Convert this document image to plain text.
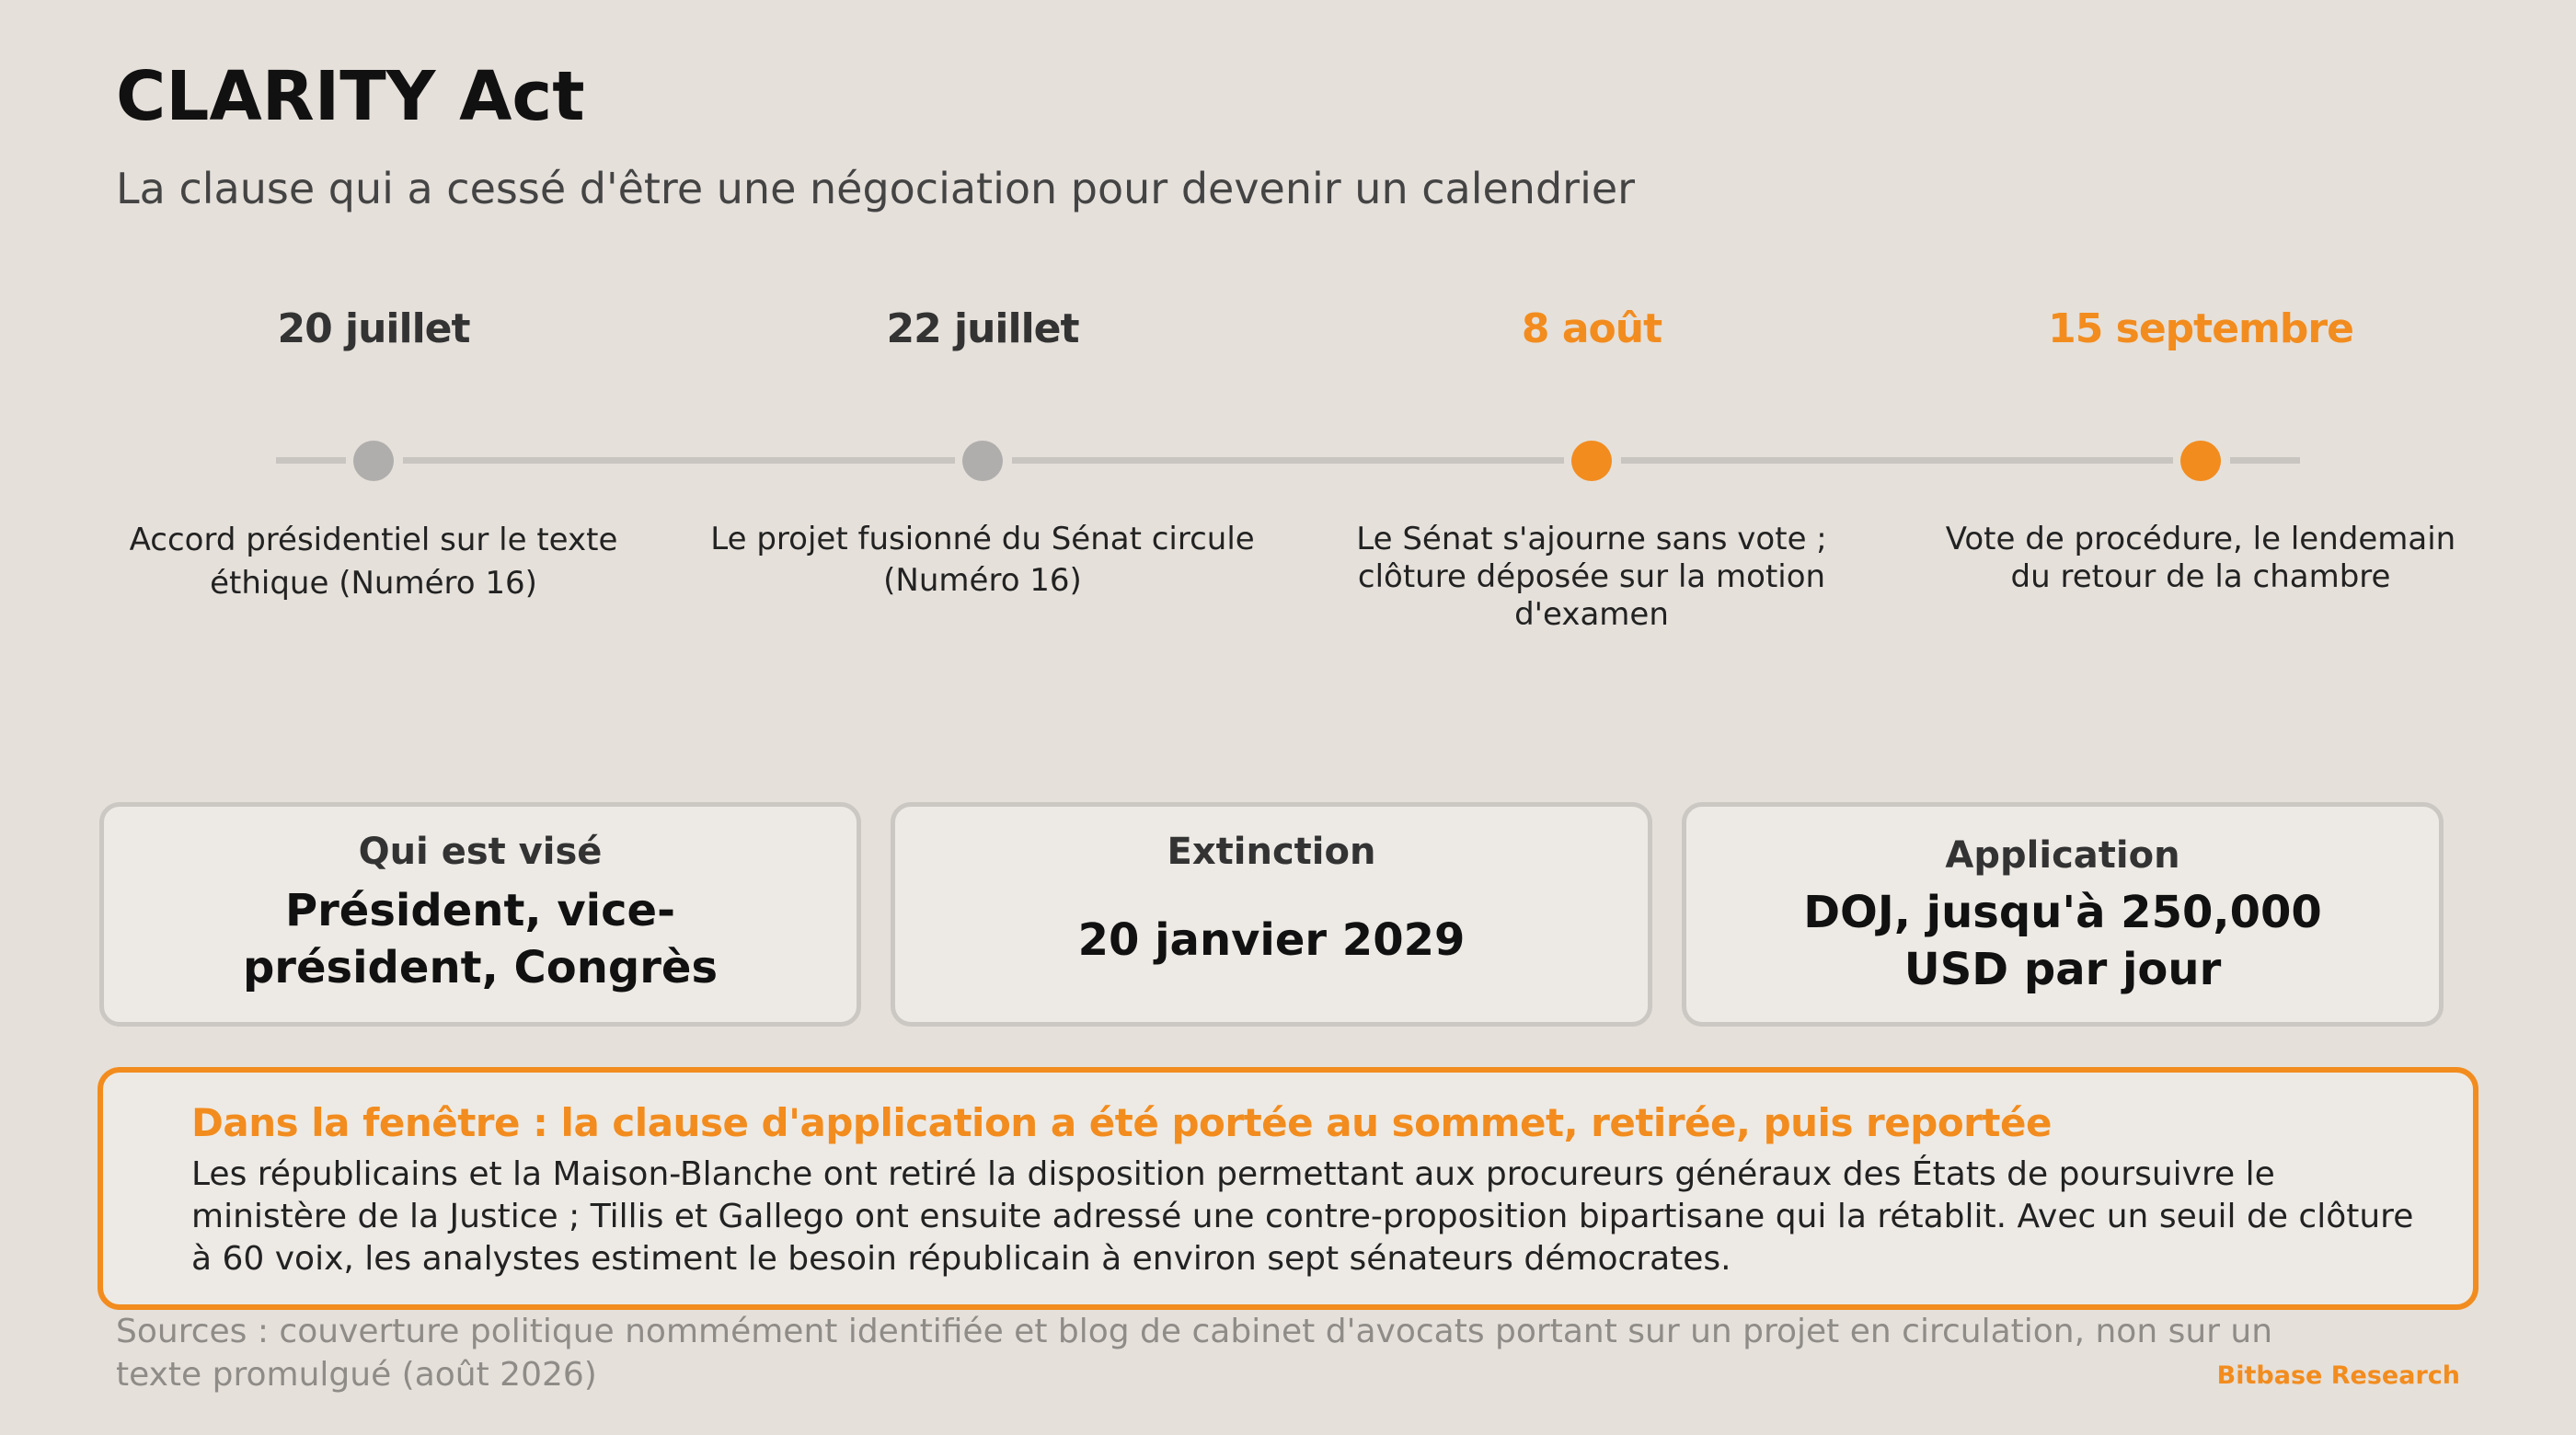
CLARITY Act
La clause qui a cessé d'être une négociation pour devenir un calendrier
20 juillet
Accord présidentiel sur le texte éthique (Numéro 16)
22 juillet
Le projet fusionné du Sénat circule (Numéro 16)
8 août
Le Sénat s'ajourne sans vote ; clôture déposée sur la motion d'examen
15 septembre
Vote de procédure, le lendemain du retour de la chambre
Qui est visé
Président, vice-président, Congrès
Extinction
20 janvier 2029
Application
DOJ, jusqu'à 250,000 USD par jour
Dans la fenêtre : la clause d'application a été portée au sommet, retirée, puis reportée
Les républicains et la Maison-Blanche ont retiré la disposition permettant aux procureurs généraux des États de poursuivre le ministère de la Justice ; Tillis et Gallego ont ensuite adressé une contre-proposition bipartisane qui la rétablit. Avec un seuil de clôture à 60 voix, les analystes estiment le besoin républicain à environ sept sénateurs démocrates.
Sources : couverture politique nommément identifiée et blog de cabinet d'avocats portant sur un projet en circulation, non sur un texte promulgué (août 2026)	Bitbase Research
